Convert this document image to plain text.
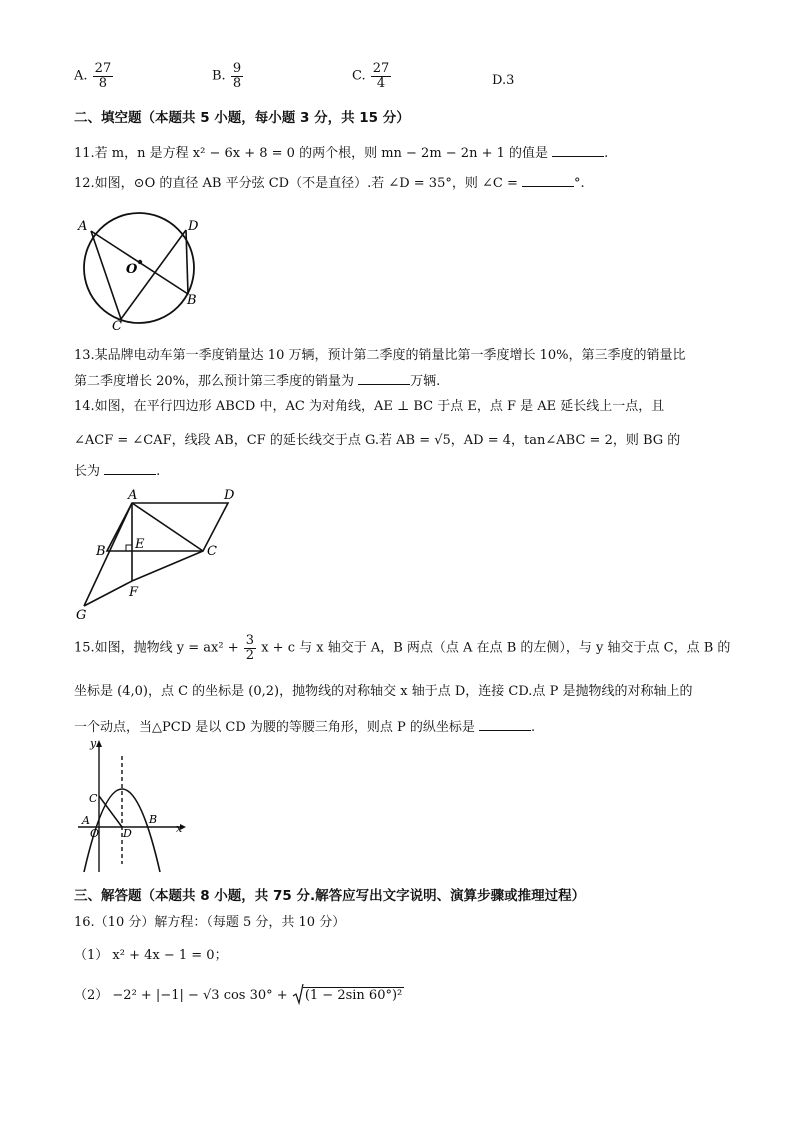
A. $\frac{27}{8}$	B. $\frac{9}{8}$	C. $\frac{27}{4}$	D.3
二、填空题（本题共 5 小题，每小题 3 分，共 15 分）
11.若 m，n 是方程 x² − 6x + 8 = 0 的两个根，则 mn − 2m − 2n + 1 的值是	.
12.如图，⊙O 的直径 AB 平分弦 CD（不是直径）.若 ∠D = 35°，则 ∠C =	°.
A	D
O
B
C
13.某品牌电动车第一季度销量达 10 万辆，预计第二季度的销量比第一季度增长 10%，第三季度的销量比
第二季度增长 20%，那么预计第三季度的销量为	万辆.
14.如图，在平行四边形 ABCD 中，AC 为对角线，AE ⊥ BC 于点 E，点 F 是 AE 延长线上一点，且
∠ACF = ∠CAF，线段 AB，CF 的延长线交于点 G.若 AB = √5，AD = 4，tan∠ABC = 2，则 BG 的
长为	.
A	D
B E	C
F
G
15.如图，抛物线 $y = ax^2 + \frac{3}{2}$ x + c 与 x 轴交于 A，B 两点（点 A 在点 B 的左侧），与 y 轴交于点 C，点 B 的
坐标是 (4,0)，点 C 的坐标是 (0,2)，抛物线的对称轴交 x 轴于点 D，连接 CD.点 P 是抛物线的对称轴上的
一个动点，当△PCD 是以 CD 为腰的等腰三角形，则点 P 的纵坐标是	.
y
C
A
O D
B
x
三、解答题（本题共 8 小题，共 75 分.解答应写出文字说明、演算步骤或推理过程）
16.（10 分）解方程：（每题 5 分，共 10 分）
（1） x² + 4x − 1 = 0；
（2） −2² + |−1| − √3 cos 30° + (1 − 2sin 60°)²
